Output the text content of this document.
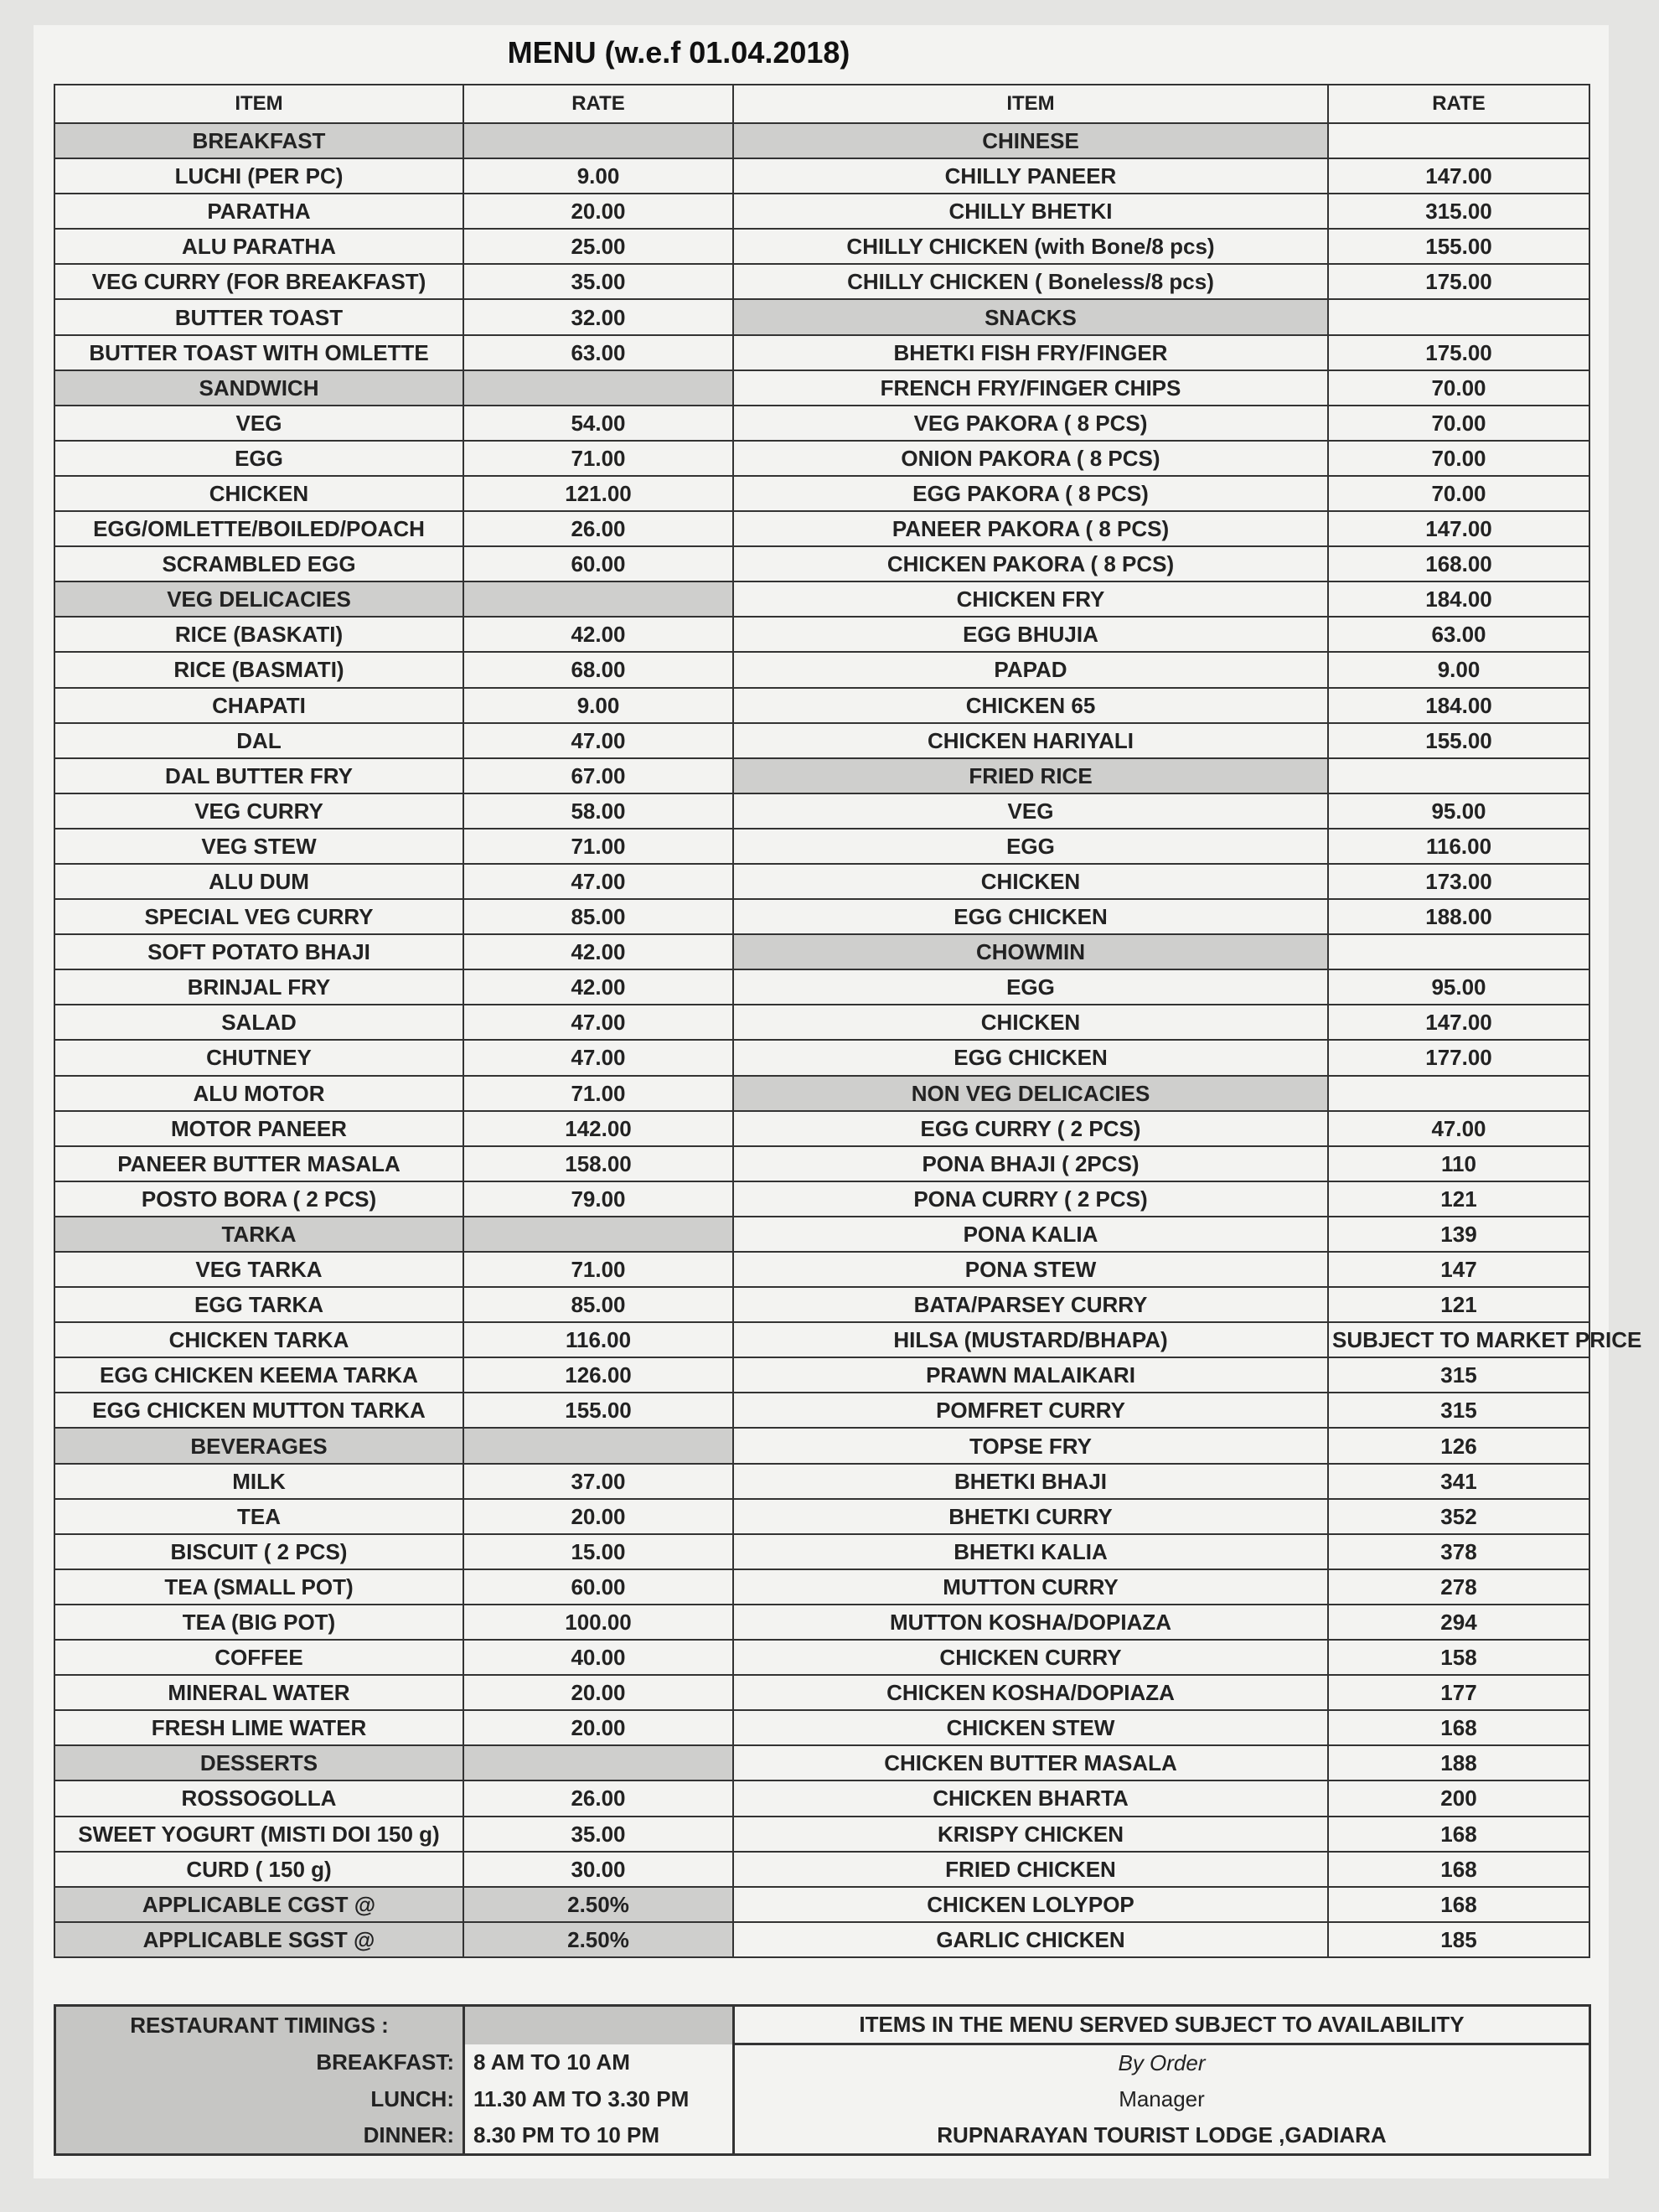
MENU (w.e.f 01.04.2018)
ITEM	RATE	ITEM	RATE
BREAKFAST		CHINESE	
LUCHI (PER PC)	9.00	CHILLY PANEER	147.00
PARATHA	20.00	CHILLY BHETKI	315.00
ALU PARATHA	25.00	CHILLY CHICKEN (with Bone/8 pcs)	155.00
VEG CURRY (FOR BREAKFAST)	35.00	CHILLY CHICKEN ( Boneless/8 pcs)	175.00
BUTTER TOAST	32.00	SNACKS	
BUTTER TOAST WITH OMLETTE	63.00	BHETKI FISH FRY/FINGER	175.00
SANDWICH		FRENCH FRY/FINGER CHIPS	70.00
VEG	54.00	VEG PAKORA ( 8 PCS)	70.00
EGG	71.00	ONION PAKORA ( 8 PCS)	70.00
CHICKEN	121.00	EGG PAKORA ( 8 PCS)	70.00
EGG/OMLETTE/BOILED/POACH	26.00	PANEER PAKORA ( 8 PCS)	147.00
SCRAMBLED EGG	60.00	CHICKEN PAKORA ( 8 PCS)	168.00
VEG DELICACIES		CHICKEN FRY	184.00
RICE (BASKATI)	42.00	EGG BHUJIA	63.00
RICE (BASMATI)	68.00	PAPAD	9.00
CHAPATI	9.00	CHICKEN 65	184.00
DAL	47.00	CHICKEN HARIYALI	155.00
DAL BUTTER FRY	67.00	FRIED RICE	
VEG CURRY	58.00	VEG	95.00
VEG STEW	71.00	EGG	116.00
ALU DUM	47.00	CHICKEN	173.00
SPECIAL VEG CURRY	85.00	EGG CHICKEN	188.00
SOFT POTATO BHAJI	42.00	CHOWMIN	
BRINJAL FRY	42.00	EGG	95.00
SALAD	47.00	CHICKEN	147.00
CHUTNEY	47.00	EGG CHICKEN	177.00
ALU MOTOR	71.00	NON VEG DELICACIES	
MOTOR PANEER	142.00	EGG CURRY ( 2 PCS)	47.00
PANEER BUTTER MASALA	158.00	PONA BHAJI ( 2PCS)	110
POSTO BORA ( 2 PCS)	79.00	PONA CURRY ( 2 PCS)	121
TARKA		PONA KALIA	139
VEG TARKA	71.00	PONA STEW	147
EGG TARKA	85.00	BATA/PARSEY CURRY	121
CHICKEN TARKA	116.00	HILSA (MUSTARD/BHAPA)	SUBJECT TO MARKET PRICE
EGG CHICKEN KEEMA TARKA	126.00	PRAWN MALAIKARI	315
EGG CHICKEN MUTTON TARKA	155.00	POMFRET CURRY	315
BEVERAGES		TOPSE FRY	126
MILK	37.00	BHETKI BHAJI	341
TEA	20.00	BHETKI CURRY	352
BISCUIT ( 2 PCS)	15.00	BHETKI KALIA	378
TEA (SMALL POT)	60.00	MUTTON CURRY	278
TEA (BIG POT)	100.00	MUTTON KOSHA/DOPIAZA	294
COFFEE	40.00	CHICKEN CURRY	158
MINERAL WATER	20.00	CHICKEN KOSHA/DOPIAZA	177
FRESH LIME WATER	20.00	CHICKEN STEW	168
DESSERTS		CHICKEN BUTTER MASALA	188
ROSSOGOLLA	26.00	CHICKEN BHARTA	200
SWEET YOGURT (MISTI DOI 150 g)	35.00	KRISPY CHICKEN	168
CURD ( 150 g)	30.00	FRIED CHICKEN	168
APPLICABLE CGST @	2.50%	CHICKEN LOLYPOP	168
APPLICABLE SGST @	2.50%	GARLIC CHICKEN	185
RESTAURANT TIMINGS :		ITEMS IN THE MENU SERVED SUBJECT TO AVAILABILITY
BREAKFAST:	8 AM TO 10 AM	By Order
LUNCH:	11.30 AM TO 3.30 PM	Manager
DINNER:	8.30 PM TO 10 PM	RUPNARAYAN TOURIST LODGE ,GADIARA
